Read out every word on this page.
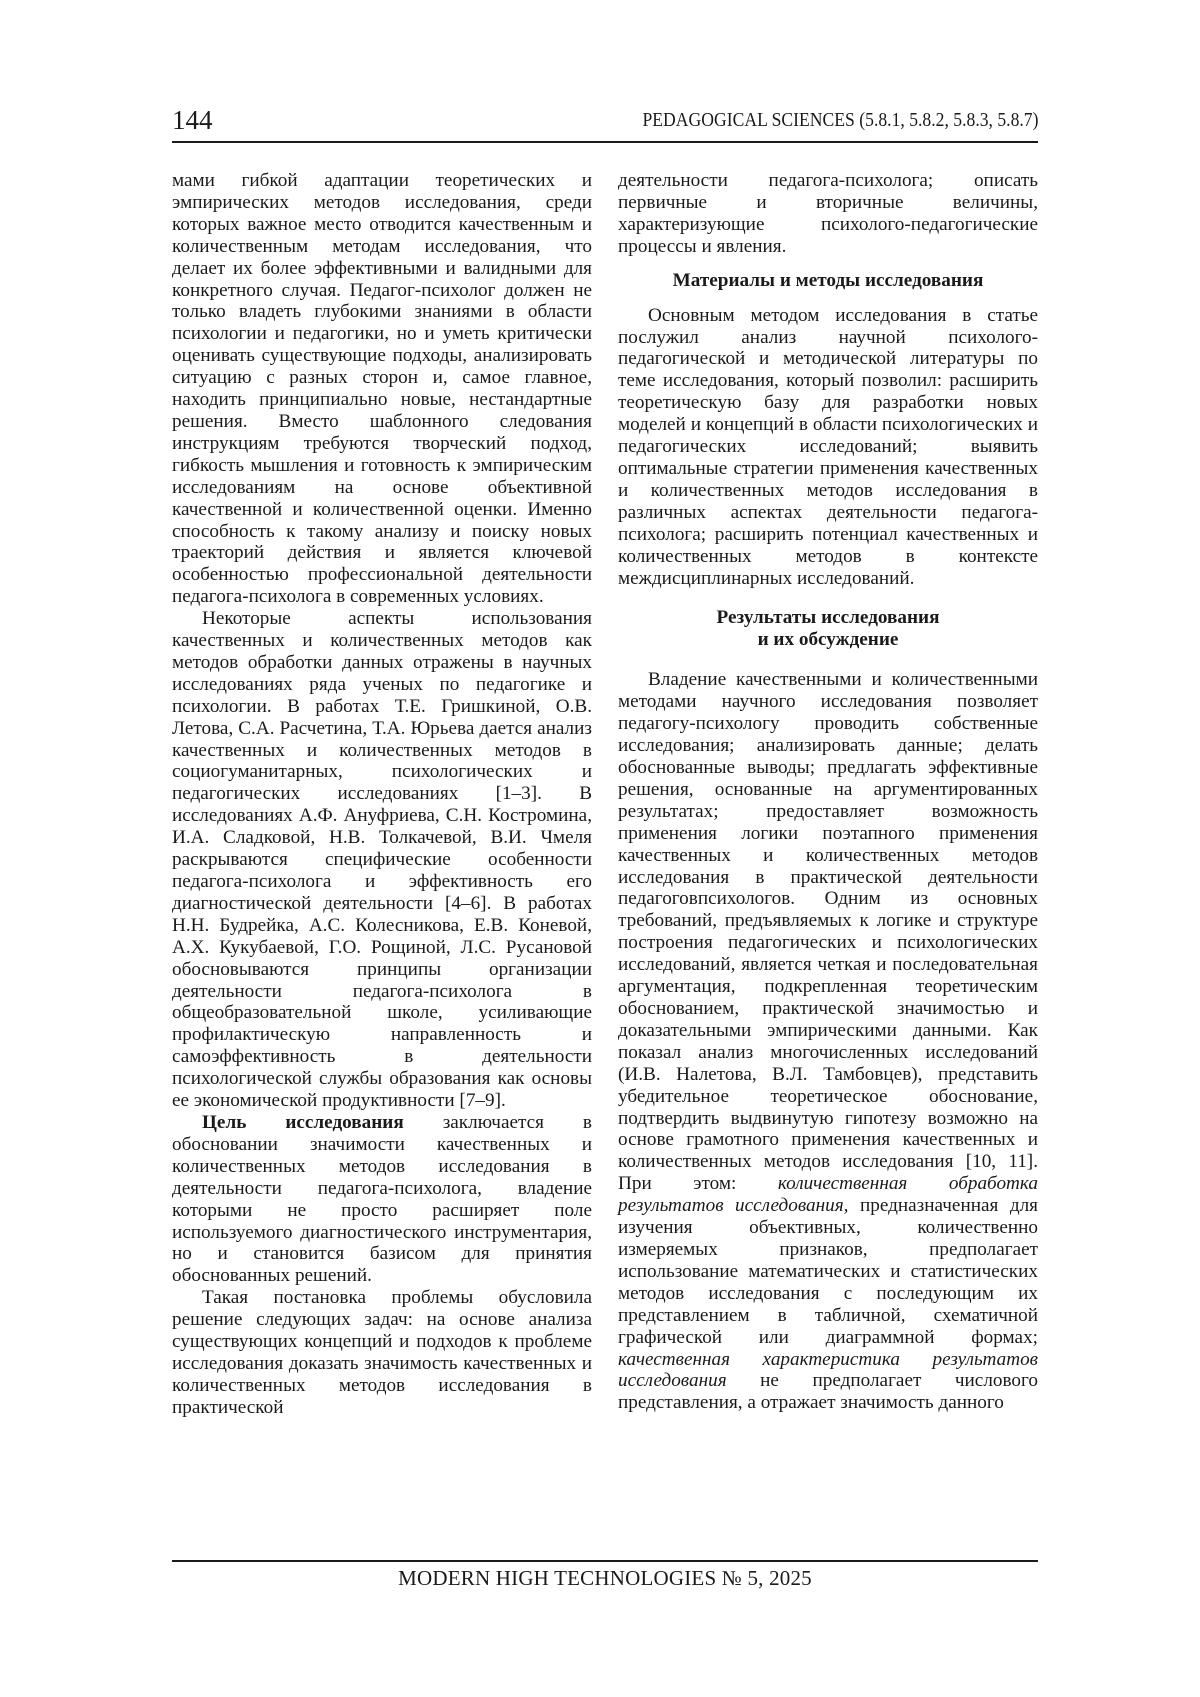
144	PEDAGOGICAL SCIENCES (5.8.1, 5.8.2, 5.8.3, 5.8.7)

мами гибкой адаптации теоретических и эмпирических методов исследования, среди которых важное место отводится качественным и количественным методам исследования, что делает их более эффективными и валидными для конкретного случая. Педагог-психолог должен не только владеть глубокими знаниями в области психологии и педагогики, но и уметь критически оценивать существующие подходы, анализировать ситуацию с разных сторон и, самое главное, находить принципиально новые, нестандартные решения. Вместо шаблонного следования инструкциям требуются творческий подход, гибкость мышления и готовность к эмпирическим исследованиям на основе объективной качественной и количественной оценки. Именно способность к такому анализу и поиску новых траекторий действия и является ключевой особенностью профессиональной деятельности педагога-психолога в современных условиях.

Некоторые аспекты использования качественных и количественных методов как методов обработки данных отражены в научных исследованиях ряда ученых по педагогике и психологии. В работах Т.Е. Гришкиной, О.В. Летова, С.А. Расчетина, Т.А. Юрьева дается анализ качественных и количественных методов в социогуманитарных, психологических и педагогических исследованиях [1–3]. В исследованиях А.Ф. Ануфриева, С.Н. Костромина, И.А. Сладковой, Н.В. Толкачевой, В.И. Чмеля раскрываются специфические особенности педагога-психолога и эффективность его диагностической деятельности [4–6]. В работах Н.Н. Будрейка, А.С. Колесникова, Е.В. Коневой, А.Х. Кукубаевой, Г.О. Рощиной, Л.С. Русановой обосновываются принципы организации деятельности педагога-психолога в общеобразовательной школе, усиливающие профилактическую направленность и самоэффективность в деятельности психологической службы образования как основы ее экономической продуктивности [7–9].

Цель исследования заключается в обосновании значимости качественных и количественных методов исследования в деятельности педагога-психолога, владение которыми не просто расширяет поле используемого диагностического инструментария, но и становится базисом для принятия обоснованных решений.

Такая постановка проблемы обусловила решение следующих задач: на основе анализа существующих концепций и подходов к проблеме исследования доказать значимость качественных и количественных методов исследования в практической

деятельности педагога-психолога; описать первичные и вторичные величины, характеризующие психолого-педагогические процессы и явления.

Материалы и методы исследования

Основным методом исследования в статье послужил анализ научной психолого-педагогической и методической литературы по теме исследования, который позволил: расширить теоретическую базу для разработки новых моделей и концепций в области психологических и педагогических исследований; выявить оптимальные стратегии применения качественных и количественных методов исследования в различных аспектах деятельности педагога-психолога; расширить потенциал качественных и количественных методов в контексте междисциплинарных исследований.

Результаты исследования
и их обсуждение

Владение качественными и количественными методами научного исследования позволяет педагогу-психологу проводить собственные исследования; анализировать данные; делать обоснованные выводы; предлагать эффективные решения, основанные на аргументированных результатах; предоставляет возможность применения логики поэтапного применения качественных и количественных методов исследования в практической деятельности педагоговпсихологов. Одним из основных требований, предъявляемых к логике и структуре построения педагогических и психологических исследований, является четкая и последовательная аргументация, подкрепленная теоретическим обоснованием, практической значимостью и доказательными эмпирическими данными. Как показал анализ многочисленных исследований (И.В. Налетова, В.Л. Тамбовцев), представить убедительное теоретическое обоснование, подтвердить выдвинутую гипотезу возможно на основе грамотного применения качественных и количественных методов исследования [10, 11]. При этом: количественная обработка результатов исследования, предназначенная для изучения объективных, количественно измеряемых признаков, предполагает использование математических и статистических методов исследования с последующим их представлением в табличной, схематичной графической или диаграммной формах; качественная характеристика результатов исследования не предполагает числового представления, а отражает значимость данного

MODERN HIGH TECHNOLOGIES № 5, 2025
